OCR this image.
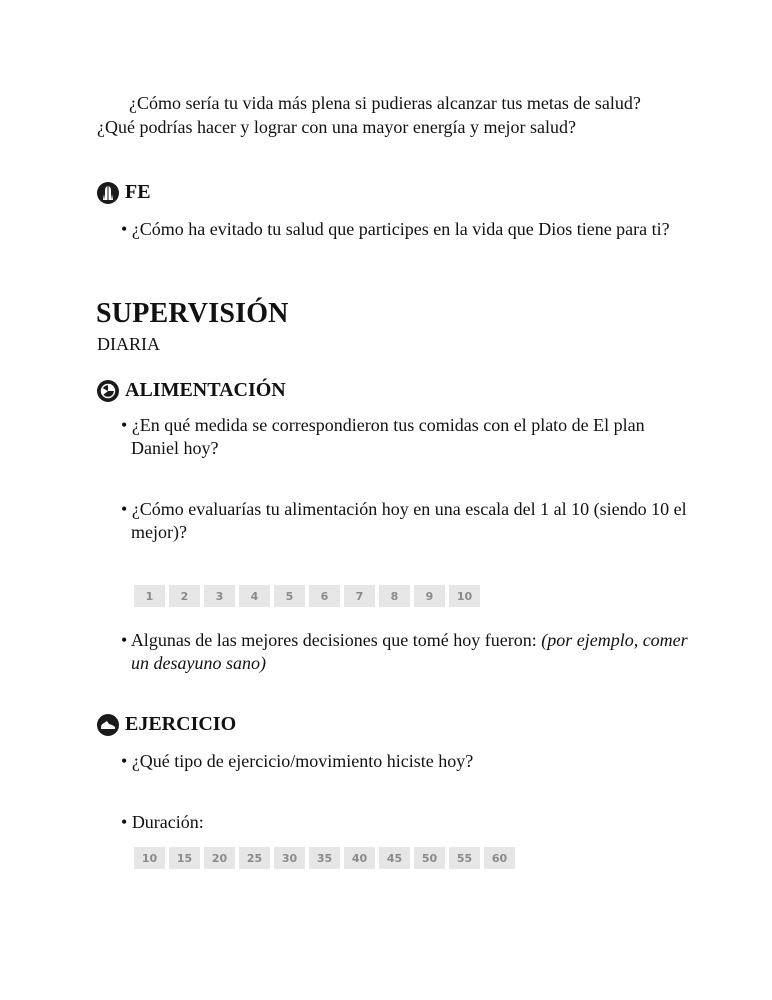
¿Cómo sería tu vida más plena si pudieras alcanzar tus metas de salud?
¿Qué podrías hacer y lograr con una mayor energía y mejor salud?

FE

• ¿Cómo ha evitado tu salud que participes en la vida que Dios tiene para ti?

SUPERVISIÓN
DIARIA
ALIMENTACIÓN

• ¿En qué medida se correspondieron tus comidas con el plato de El plan Daniel hoy?

• ¿Cómo evaluarías tu alimentación hoy en una escala del 1 al 10 (siendo 10 el mejor)?

1	2	3	4	5	6	7	8	9	10

• Algunas de las mejores decisiones que tomé hoy fueron: (por ejemplo, comer un desayuno sano)

EJERCICIO

• ¿Qué tipo de ejercicio/movimiento hiciste hoy?

• Duración:

10	15	20	25	30	35	40	45	50	55	60
